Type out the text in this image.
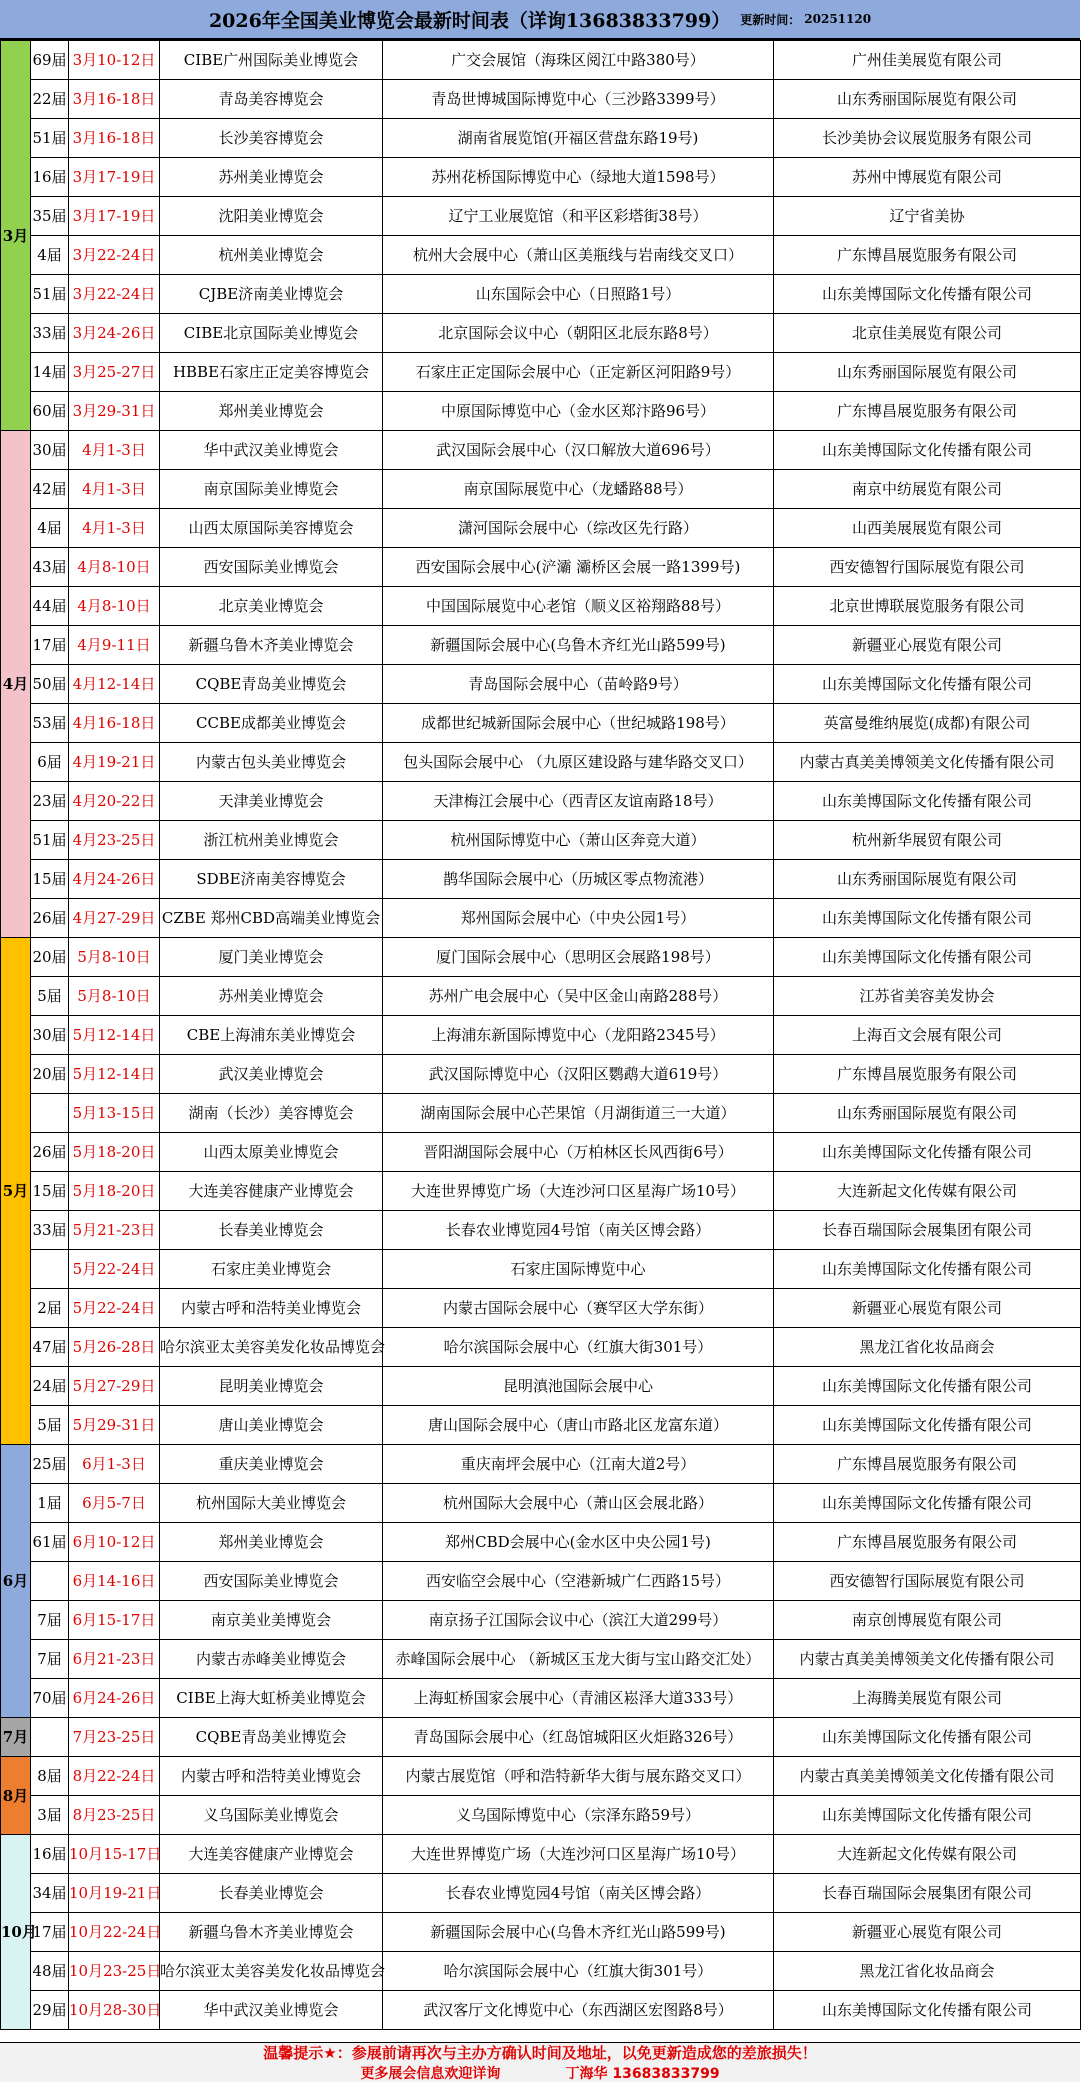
2026年全国美业博览会最新时间表（详询13683833799） 更新时间： 20251120
3月	69届	3月10-12日	CIBE广州国际美业博览会	广交会展馆（海珠区阅江中路380号）	广州佳美展览有限公司
	22届	3月16-18日	青岛美容博览会	青岛世博城国际博览中心（三沙路3399号）	山东秀丽国际展览有限公司
	51届	3月16-18日	长沙美容博览会	湖南省展览馆(开福区营盘东路19号)	长沙美协会议展览服务有限公司
	16届	3月17-19日	苏州美业博览会	苏州花桥国际博览中心（绿地大道1598号）	苏州中博展览有限公司
	35届	3月17-19日	沈阳美业博览会	辽宁工业展览馆（和平区彩塔街38号）	辽宁省美协
	4届	3月22-24日	杭州美业博览会	杭州大会展中心（萧山区美瓶线与岩南线交叉口）	广东博昌展览服务有限公司
	51届	3月22-24日	CJBE济南美业博览会	山东国际会中心（日照路1号）	山东美博国际文化传播有限公司
	33届	3月24-26日	CIBE北京国际美业博览会	北京国际会议中心（朝阳区北辰东路8号）	北京佳美展览有限公司
	14届	3月25-27日	HBBE石家庄正定美容博览会	石家庄正定国际会展中心（正定新区河阳路9号）	山东秀丽国际展览有限公司
	60届	3月29-31日	郑州美业博览会	中原国际博览中心（金水区郑汴路96号）	广东博昌展览服务有限公司
4月	30届	4月1-3日	华中武汉美业博览会	武汉国际会展中心（汉口解放大道696号）	山东美博国际文化传播有限公司
	42届	4月1-3日	南京国际美业博览会	南京国际展览中心（龙蟠路88号）	南京中纺展览有限公司
	4届	4月1-3日	山西太原国际美容博览会	潇河国际会展中心（综改区先行路）	山西美展展览有限公司
	43届	4月8-10日	西安国际美业博览会	西安国际会展中心(浐灞 灞桥区会展一路1399号)	西安德智行国际展览有限公司
	44届	4月8-10日	北京美业博览会	中国国际展览中心老馆（顺义区裕翔路88号）	北京世博联展览服务有限公司
	17届	4月9-11日	新疆乌鲁木齐美业博览会	新疆国际会展中心(乌鲁木齐红光山路599号)	新疆亚心展览有限公司
	50届	4月12-14日	CQBE青岛美业博览会	青岛国际会展中心（苗岭路9号）	山东美博国际文化传播有限公司
	53届	4月16-18日	CCBE成都美业博览会	成都世纪城新国际会展中心（世纪城路198号）	英富曼维纳展览(成都)有限公司
	6届	4月19-21日	内蒙古包头美业博览会	包头国际会展中心 （九原区建设路与建华路交叉口）	内蒙古真美美博领美文化传播有限公司
	23届	4月20-22日	天津美业博览会	天津梅江会展中心（西青区友谊南路18号）	山东美博国际文化传播有限公司
	51届	4月23-25日	浙江杭州美业博览会	杭州国际博览中心（萧山区奔竞大道）	杭州新华展贸有限公司
	15届	4月24-26日	SDBE济南美容博览会	鹊华国际会展中心（历城区零点物流港）	山东秀丽国际展览有限公司
	26届	4月27-29日	CZBE 郑州CBD高端美业博览会	郑州国际会展中心（中央公园1号）	山东美博国际文化传播有限公司
5月	20届	5月8-10日	厦门美业博览会	厦门国际会展中心（思明区会展路198号）	山东美博国际文化传播有限公司
	5届	5月8-10日	苏州美业博览会	苏州广电会展中心（吴中区金山南路288号）	江苏省美容美发协会
	30届	5月12-14日	CBE上海浦东美业博览会	上海浦东新国际博览中心（龙阳路2345号）	上海百文会展有限公司
	20届	5月12-14日	武汉美业博览会	武汉国际博览中心（汉阳区鹦鹉大道619号）	广东博昌展览服务有限公司
		5月13-15日	湖南（长沙）美容博览会	湖南国际会展中心芒果馆（月湖街道三一大道）	山东秀丽国际展览有限公司
	26届	5月18-20日	山西太原美业博览会	晋阳湖国际会展中心（万柏林区长风西街6号）	山东美博国际文化传播有限公司
	15届	5月18-20日	大连美容健康产业博览会	大连世界博览广场（大连沙河口区星海广场10号）	大连新起文化传媒有限公司
	33届	5月21-23日	长春美业博览会	长春农业博览园4号馆（南关区博会路）	长春百瑞国际会展集团有限公司
		5月22-24日	石家庄美业博览会	石家庄国际博览中心	山东美博国际文化传播有限公司
	2届	5月22-24日	内蒙古呼和浩特美业博览会	内蒙古国际会展中心（赛罕区大学东街）	新疆亚心展览有限公司
	47届	5月26-28日	哈尔滨亚太美容美发化妆品博览会	哈尔滨国际会展中心（红旗大街301号）	黑龙江省化妆品商会
	24届	5月27-29日	昆明美业博览会	昆明滇池国际会展中心	山东美博国际文化传播有限公司
	5届	5月29-31日	唐山美业博览会	唐山国际会展中心（唐山市路北区龙富东道）	山东美博国际文化传播有限公司
6月	25届	6月1-3日	重庆美业博览会	重庆南坪会展中心（江南大道2号）	广东博昌展览服务有限公司
	1届	6月5-7日	杭州国际大美业博览会	杭州国际大会展中心（萧山区会展北路）	山东美博国际文化传播有限公司
	61届	6月10-12日	郑州美业博览会	郑州CBD会展中心(金水区中央公园1号)	广东博昌展览服务有限公司
		6月14-16日	西安国际美业博览会	西安临空会展中心（空港新城广仁西路15号）	西安德智行国际展览有限公司
	7届	6月15-17日	南京美业美博览会	南京扬子江国际会议中心（滨江大道299号）	南京创博展览有限公司
	7届	6月21-23日	内蒙古赤峰美业博览会	赤峰国际会展中心 （新城区玉龙大街与宝山路交汇处）	内蒙古真美美博领美文化传播有限公司
	70届	6月24-26日	CIBE上海大虹桥美业博览会	上海虹桥国家会展中心（青浦区崧泽大道333号）	上海腾美展览有限公司
7月		7月23-25日	CQBE青岛美业博览会	青岛国际会展中心（红岛馆城阳区火炬路326号）	山东美博国际文化传播有限公司
8月	8届	8月22-24日	内蒙古呼和浩特美业博览会	内蒙古展览馆（呼和浩特新华大街与展东路交叉口）	内蒙古真美美博领美文化传播有限公司
	3届	8月23-25日	义乌国际美业博览会	义乌国际博览中心（宗泽东路59号）	山东美博国际文化传播有限公司
10月	16届	10月15-17日	大连美容健康产业博览会	大连世界博览广场（大连沙河口区星海广场10号）	大连新起文化传媒有限公司
	34届	10月19-21日	长春美业博览会	长春农业博览园4号馆（南关区博会路）	长春百瑞国际会展集团有限公司
	17届	10月22-24日	新疆乌鲁木齐美业博览会	新疆国际会展中心(乌鲁木齐红光山路599号)	新疆亚心展览有限公司
	48届	10月23-25日	哈尔滨亚太美容美发化妆品博览会	哈尔滨国际会展中心（红旗大街301号）	黑龙江省化妆品商会
	29届	10月28-30日	华中武汉美业博览会	武汉客厅文化博览中心（东西湖区宏图路8号）	山东美博国际文化传播有限公司
温馨提示★：参展前请再次与主办方确认时间及地址，以免更新造成您的差旅损失！
更多展会信息欢迎详询	丁海华 13683833799
